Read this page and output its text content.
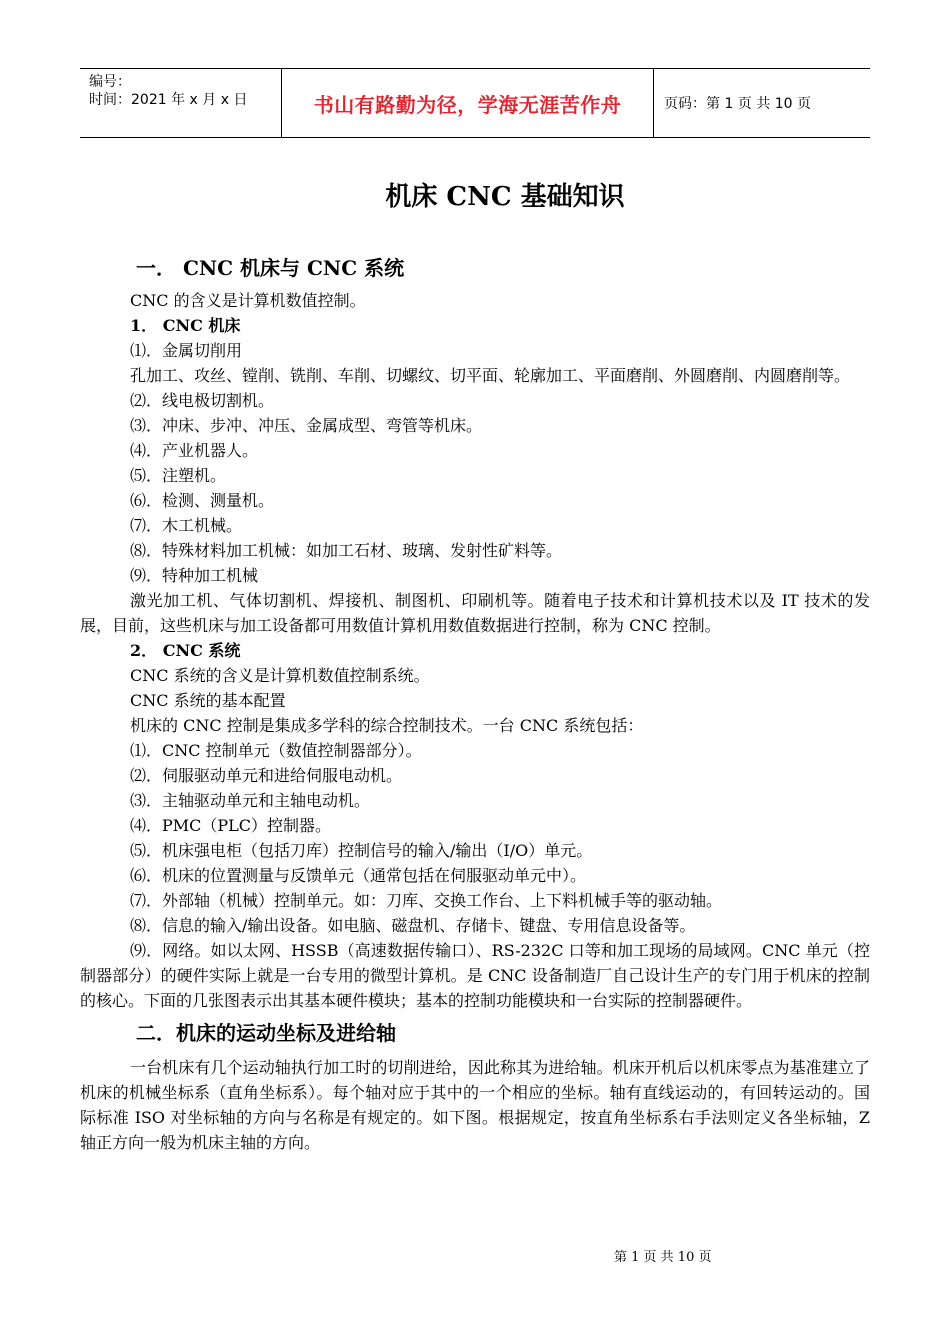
编号：
时间：2021 年 x 月 x 日	书山有路勤为径，学海无涯苦作舟	页码：第 1 页 共 10 页
机床 CNC 基础知识
一． CNC 机床与 CNC 系统
CNC 的含义是计算机数值控制。
1． CNC 机床
⑴．金属切削用
孔加工、攻丝、镗削、铣削、车削、切螺纹、切平面、轮廓加工、平面磨削、外圆磨削、内圆磨削等。
⑵．线电极切割机。
⑶．冲床、步冲、冲压、金属成型、弯管等机床。
⑷．产业机器人。
⑸．注塑机。
⑹．检测、测量机。
⑺．木工机械。
⑻．特殊材料加工机械：如加工石材、玻璃、发射性矿料等。
⑼．特种加工机械
激光加工机、气体切割机、焊接机、制图机、印刷机等。随着电子技术和计算机技术以及 IT 技术的发展，目前，这些机床与加工设备都可用数值计算机用数值数据进行控制，称为 CNC 控制。
2． CNC 系统
CNC 系统的含义是计算机数值控制系统。
CNC 系统的基本配置
机床的 CNC 控制是集成多学科的综合控制技术。一台 CNC 系统包括：
⑴．CNC 控制单元（数值控制器部分）。
⑵．伺服驱动单元和进给伺服电动机。
⑶．主轴驱动单元和主轴电动机。
⑷．PMC（PLC）控制器。
⑸．机床强电柜（包括刀库）控制信号的输入/输出（I/O）单元。
⑹．机床的位置测量与反馈单元（通常包括在伺服驱动单元中）。
⑺．外部轴（机械）控制单元。如：刀库、交换工作台、上下料机械手等的驱动轴。
⑻．信息的输入/输出设备。如电脑、磁盘机、存储卡、键盘、专用信息设备等。
⑼．网络。如以太网、HSSB（高速数据传输口）、RS-232C 口等和加工现场的局域网。CNC 单元（控制器部分）的硬件实际上就是一台专用的微型计算机。是 CNC 设备制造厂自己设计生产的专门用于机床的控制的核心。下面的几张图表示出其基本硬件模块；基本的控制功能模块和一台实际的控制器硬件。
二．机床的运动坐标及进给轴
一台机床有几个运动轴执行加工时的切削进给，因此称其为进给轴。机床开机后以机床零点为基准建立了机床的机械坐标系（直角坐标系）。每个轴对应于其中的一个相应的坐标。轴有直线运动的，有回转运动的。国际标准 ISO 对坐标轴的方向与名称是有规定的。如下图。根据规定，按直角坐标系右手法则定义各坐标轴，Z 轴正方向一般为机床主轴的方向。
第 1 页 共 10 页
